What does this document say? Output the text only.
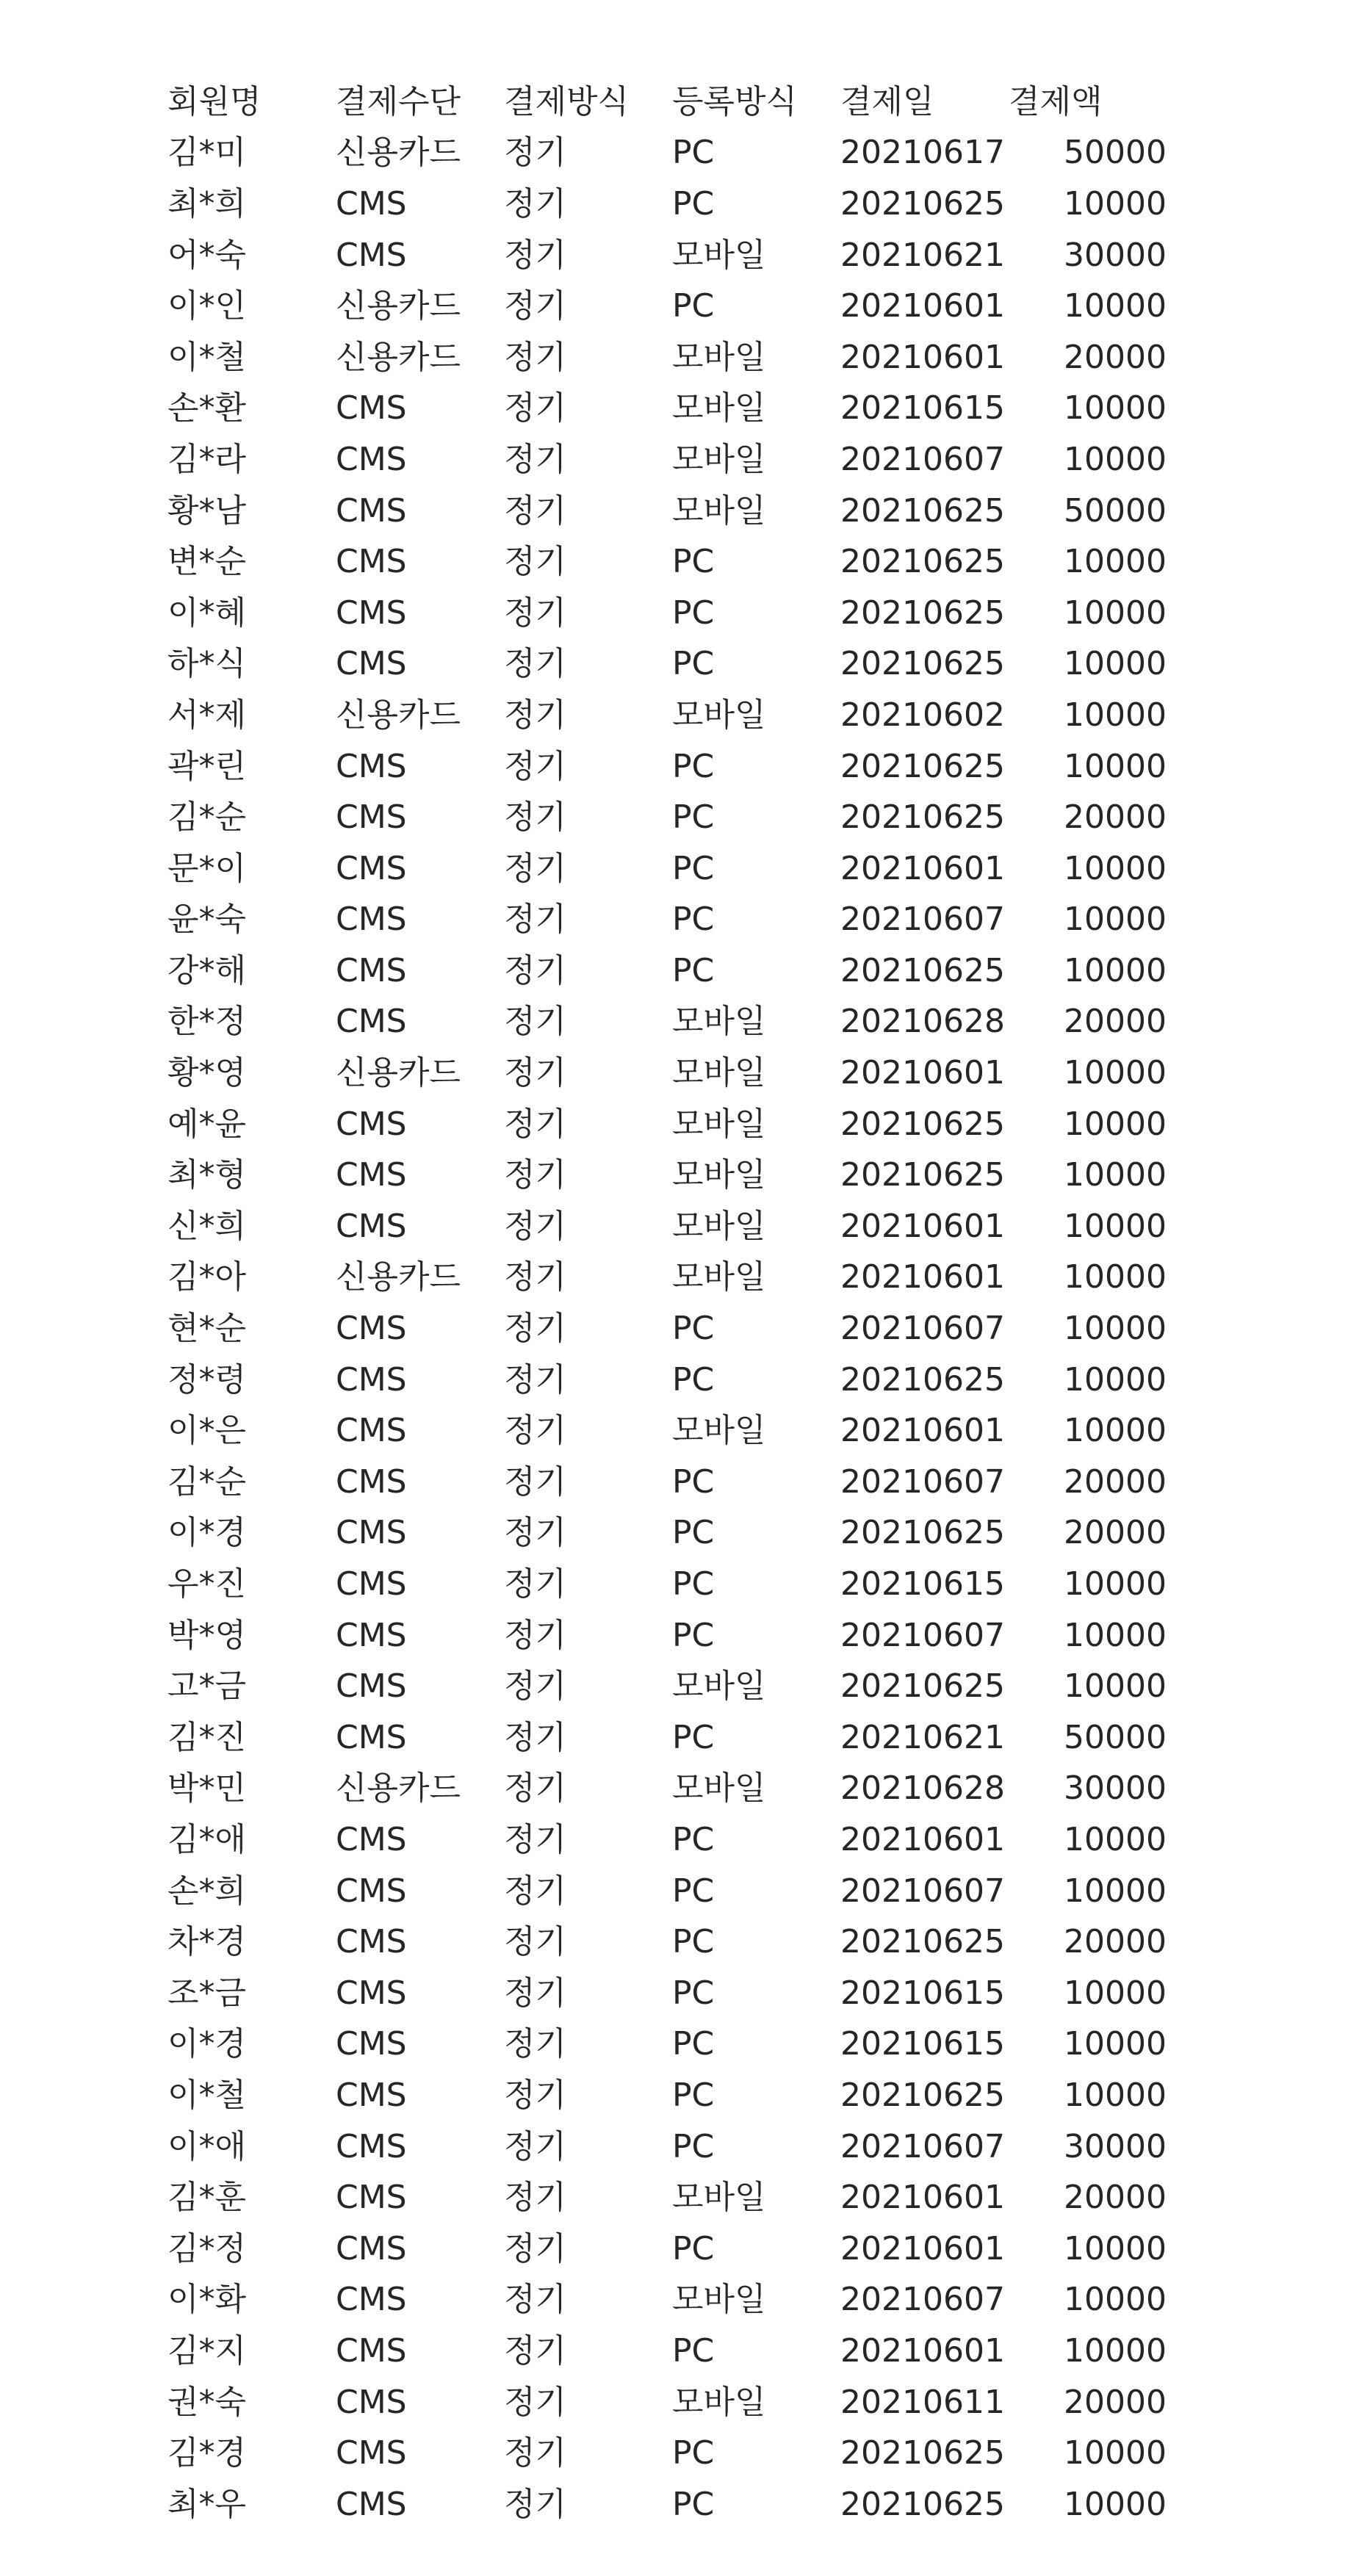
회원명	결제수단	결제방식	등록방식	결제일	결제액
김*미	신용카드	정기	PC	20210617	50000
최*희	CMS	정기	PC	20210625	10000
어*숙	CMS	정기	모바일	20210621	30000
이*인	신용카드	정기	PC	20210601	10000
이*철	신용카드	정기	모바일	20210601	20000
손*환	CMS	정기	모바일	20210615	10000
김*라	CMS	정기	모바일	20210607	10000
황*남	CMS	정기	모바일	20210625	50000
변*순	CMS	정기	PC	20210625	10000
이*혜	CMS	정기	PC	20210625	10000
하*식	CMS	정기	PC	20210625	10000
서*제	신용카드	정기	모바일	20210602	10000
곽*린	CMS	정기	PC	20210625	10000
김*순	CMS	정기	PC	20210625	20000
문*이	CMS	정기	PC	20210601	10000
윤*숙	CMS	정기	PC	20210607	10000
강*해	CMS	정기	PC	20210625	10000
한*정	CMS	정기	모바일	20210628	20000
황*영	신용카드	정기	모바일	20210601	10000
예*윤	CMS	정기	모바일	20210625	10000
최*형	CMS	정기	모바일	20210625	10000
신*희	CMS	정기	모바일	20210601	10000
김*아	신용카드	정기	모바일	20210601	10000
현*순	CMS	정기	PC	20210607	10000
정*령	CMS	정기	PC	20210625	10000
이*은	CMS	정기	모바일	20210601	10000
김*순	CMS	정기	PC	20210607	20000
이*경	CMS	정기	PC	20210625	20000
우*진	CMS	정기	PC	20210615	10000
박*영	CMS	정기	PC	20210607	10000
고*금	CMS	정기	모바일	20210625	10000
김*진	CMS	정기	PC	20210621	50000
박*민	신용카드	정기	모바일	20210628	30000
김*애	CMS	정기	PC	20210601	10000
손*희	CMS	정기	PC	20210607	10000
차*경	CMS	정기	PC	20210625	20000
조*금	CMS	정기	PC	20210615	10000
이*경	CMS	정기	PC	20210615	10000
이*철	CMS	정기	PC	20210625	10000
이*애	CMS	정기	PC	20210607	30000
김*훈	CMS	정기	모바일	20210601	20000
김*정	CMS	정기	PC	20210601	10000
이*화	CMS	정기	모바일	20210607	10000
김*지	CMS	정기	PC	20210601	10000
권*숙	CMS	정기	모바일	20210611	20000
김*경	CMS	정기	PC	20210625	10000
최*우	CMS	정기	PC	20210625	10000
